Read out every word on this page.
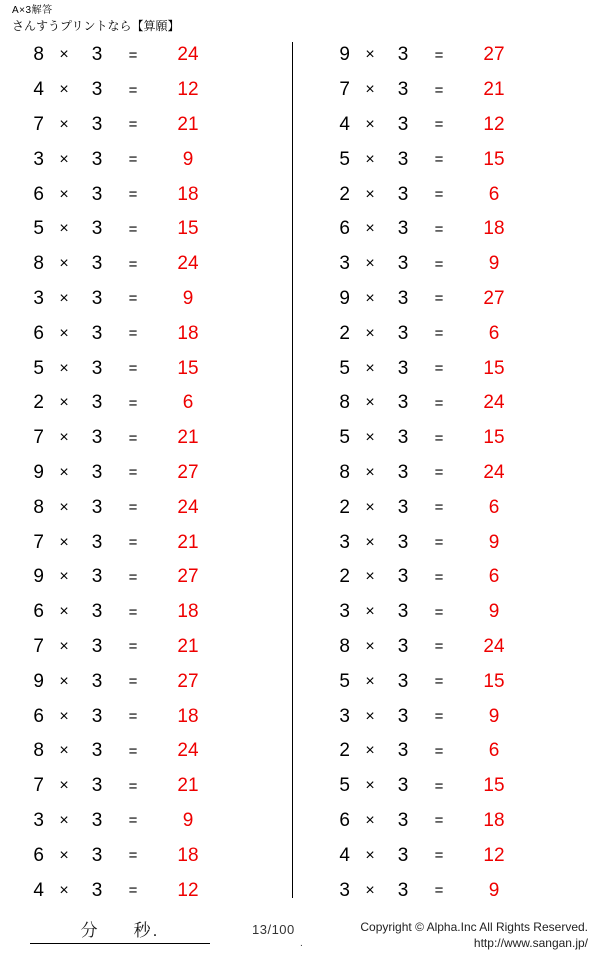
A×3解答
さんすうプリントなら【算願】
8 ×	3	=	24
4 ×	3	=	12
7 ×	3	=	21
3 ×	3	=	9
6 ×	3	=	18
5 ×	3	=	15
8 ×	3	=	24
3 ×	3	=	9
6 ×	3	=	18
5 ×	3	=	15
2 ×	3	=	6
7 ×	3	=	21
9 ×	3	=	27
8 ×	3	=	24
7 ×	3	=	21
9 ×	3	=	27
6 ×	3	=	18
7 ×	3	=	21
9 ×	3	=	27
6 ×	3	=	18
8 ×	3	=	24
7 ×	3	=	21
3 ×	3	=	9
6 ×	3	=	18
4 ×	3	=	12
9 ×	3	=	27
7 ×	3	=	21
4 ×	3	=	12
5 ×	3	=	15
2 ×	3	=	6
6 ×	3	=	18
3 ×	3	=	9
9 ×	3	=	27
2 ×	3	=	6
5 ×	3	=	15
8 ×	3	=	24
5 ×	3	=	15
8 ×	3	=	24
2 ×	3	=	6
3 ×	3	=	9
2 ×	3	=	6
3 ×	3	=	9
8 ×	3	=	24
5 ×	3	=	15
3 ×	3	=	9
2 ×	3	=	6
5 ×	3	=	15
6 ×	3	=	18
4 ×	3	=	12
3 ×	3	=	9
分 秒.	13/100
.
Copyright © Alpha.Inc All Rights Reserved.
http://www.sangan.jp/
